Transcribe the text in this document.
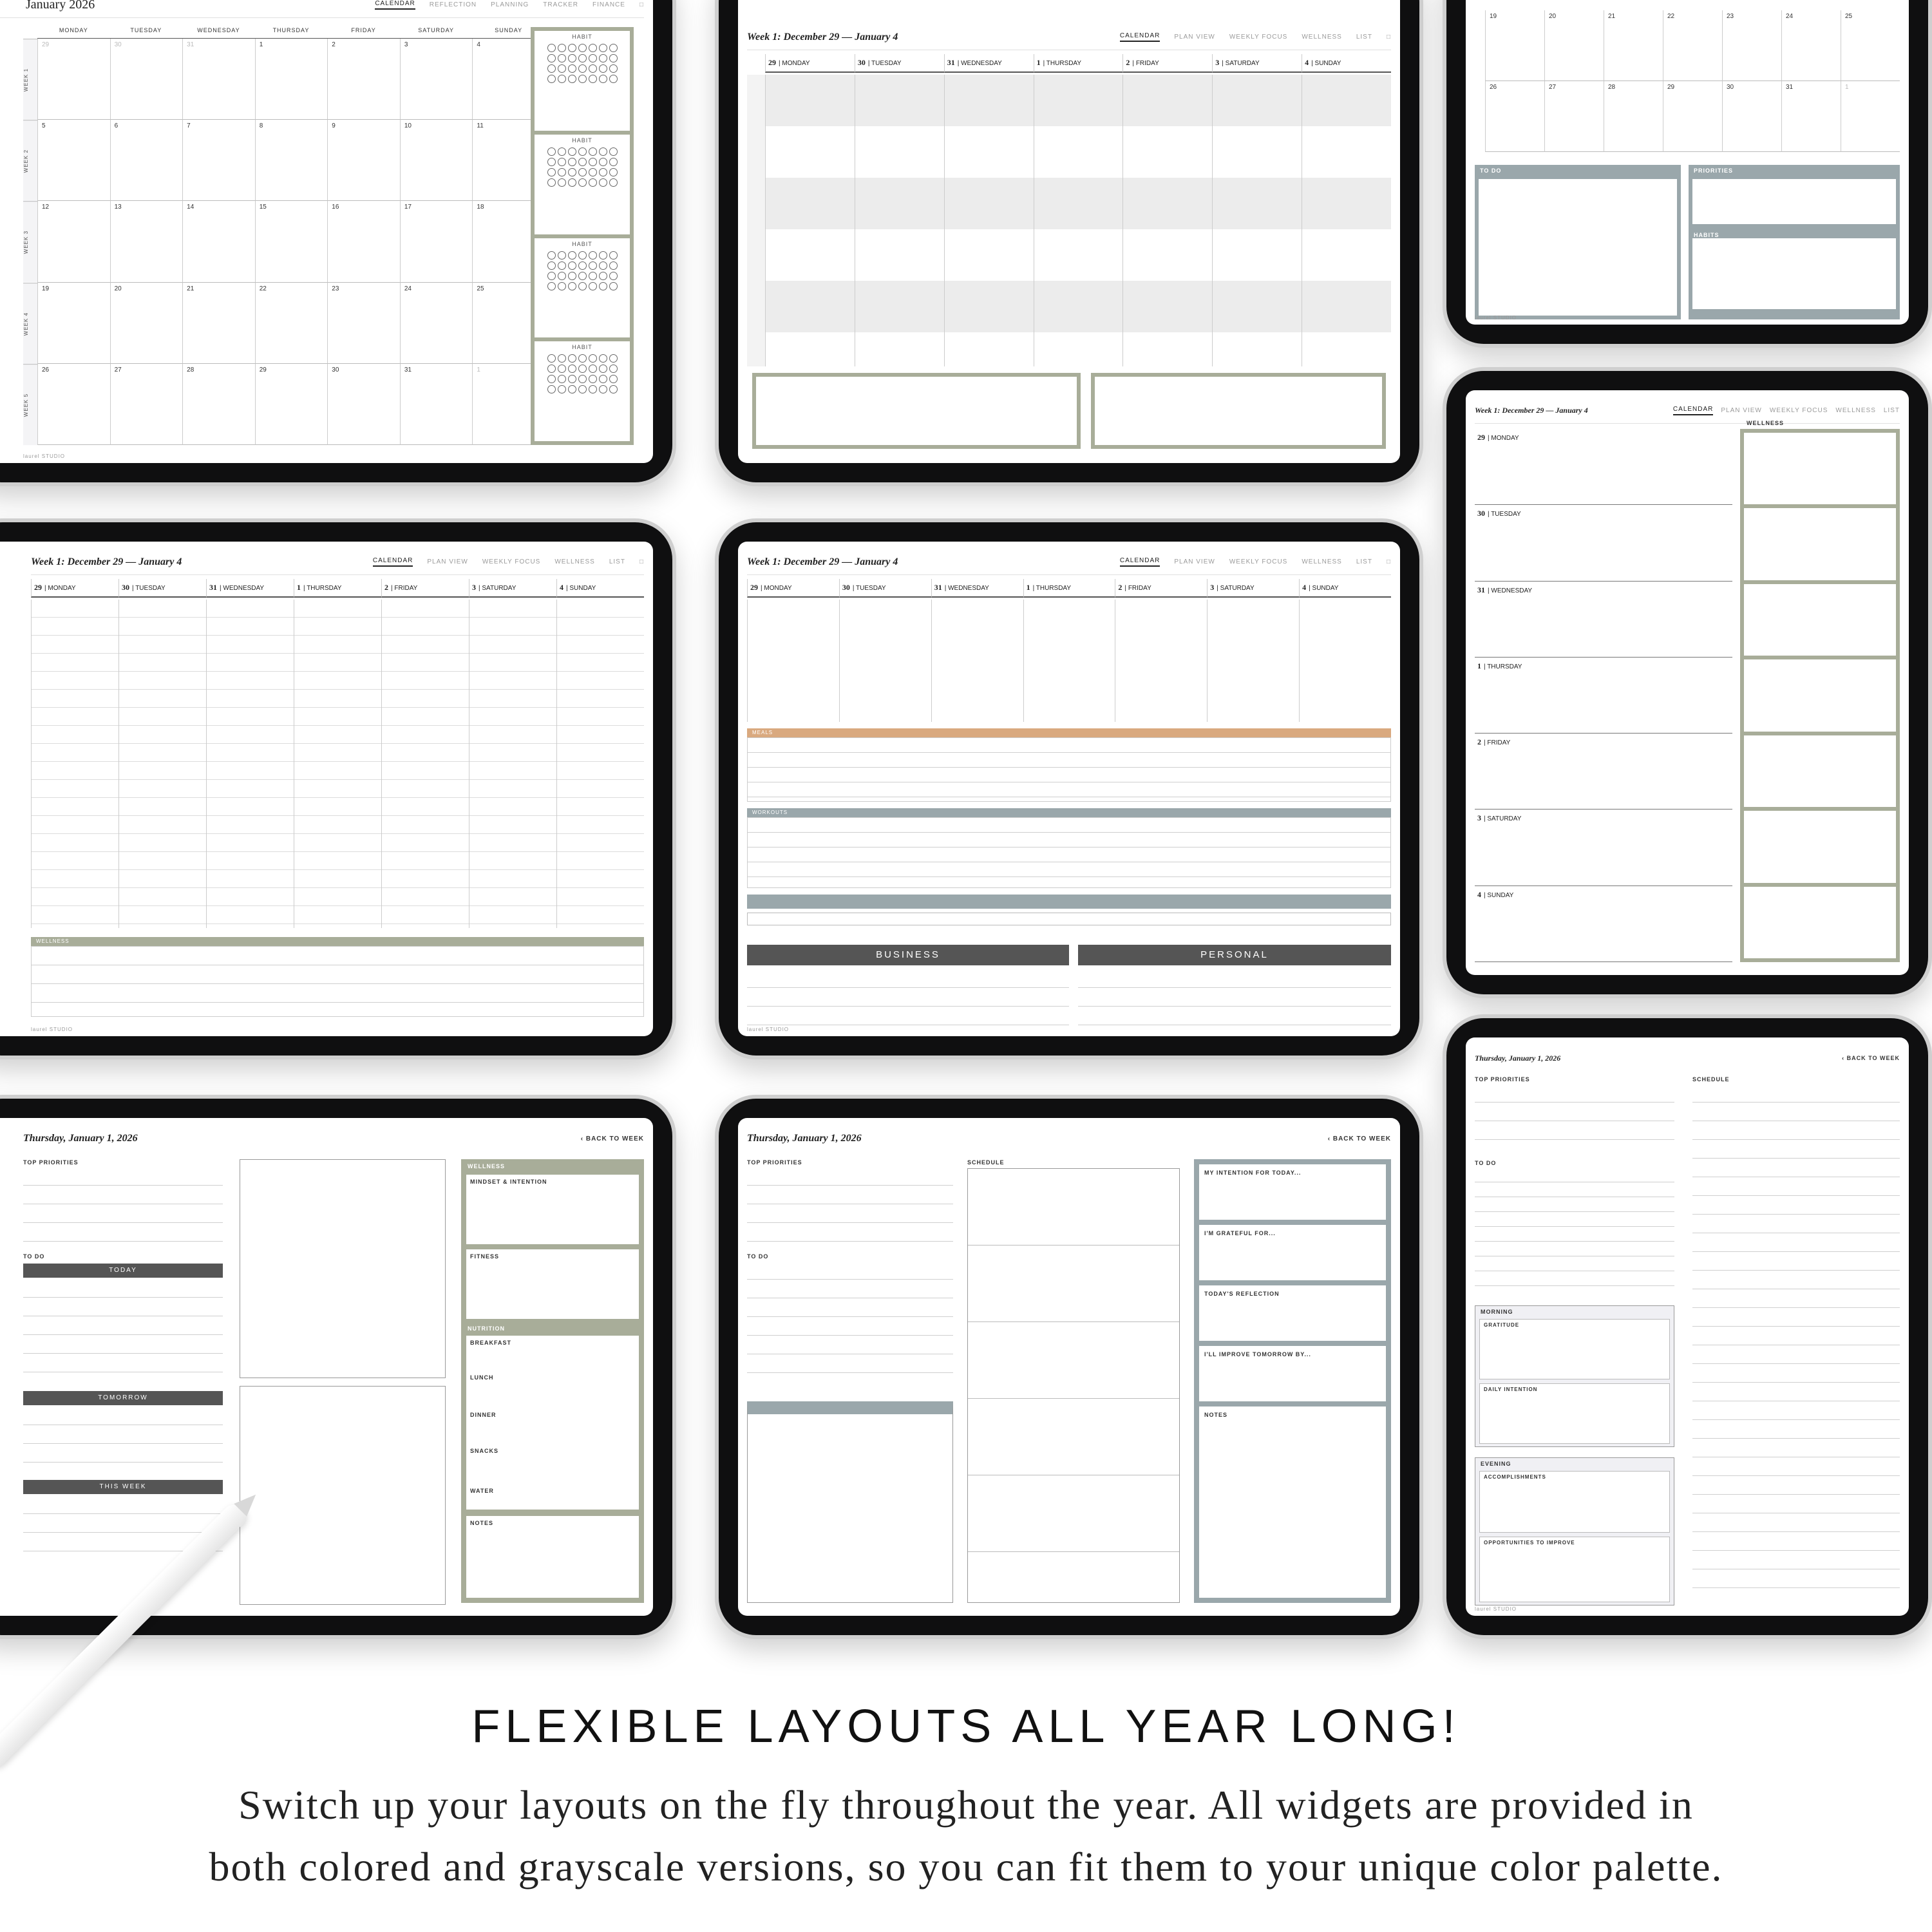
January 2026	CALENDAR REFLECTION PLANNING TRACKER FINANCE □
MONDAY	TUESDAY	WEDNESDAY	THURSDAY	FRIDAY	SATURDAY	SUNDAY
WEEK 1
29	30	31	1	2	3	4
WEEK 2
5	6	7	8	9	10	11
WEEK 3
12	13	14	15	16	17	18
WEEK 4
19	20	21	22	23	24	25
WEEK 5
26	27	28	29	30	31	1
HABIT
HABIT
HABIT
HABIT
laurel STUDIO
Week 1: December 29 — January 4	CALENDAR PLAN VIEW WEEKLY FOCUS WELLNESS LIST □
29 | MONDAY	30 | TUESDAY	31 | WEDNESDAY	1 | THURSDAY	2 | FRIDAY	3 | SATURDAY	4 | SUNDAY
19	20	21	22	23	24	25
26	27	28	29	30	31	1
TO DO	PRIORITIES
HABITS
laurel STUDIO
Week 1: December 29 — January 4	CALENDAR PLAN VIEW WEEKLY FOCUS WELLNESS LIST
29 | MONDAY
30 | TUESDAY
31 | WEDNESDAY
1 | THURSDAY
2 | FRIDAY
3 | SATURDAY
4 | SUNDAY
WELLNESS
Week 1: December 29 — January 4	CALENDAR PLAN VIEW WEEKLY FOCUS WELLNESS LIST □
29 | MONDAY	30 | TUESDAY	31 | WEDNESDAY	1 | THURSDAY	2 | FRIDAY	3 | SATURDAY	4 | SUNDAY
WELLNESS
laurel STUDIO
Week 1: December 29 — January 4	CALENDAR PLAN VIEW WEEKLY FOCUS WELLNESS LIST □
29 | MONDAY	30 | TUESDAY	31 | WEDNESDAY	1 | THURSDAY	2 | FRIDAY	3 | SATURDAY	4 | SUNDAY
MEALS
WORKOUTS
BUSINESS	PERSONAL
laurel STUDIO
Thursday, January 1, 2026	‹ BACK TO WEEK
TOP PRIORITIES
TO DO
TODAY
TOMORROW
THIS WEEK
WELLNESS
MINDSET & INTENTION
FITNESS
NUTRITION
BREAKFAST
LUNCH
DINNER
SNACKS
WATER
NOTES
Thursday, January 1, 2026	‹ BACK TO WEEK
TOP PRIORITIES
TO DO
SCHEDULE
MY INTENTION FOR TODAY...
I'M GRATEFUL FOR...
TODAY'S REFLECTION
I'LL IMPROVE TOMORROW BY...
NOTES
Thursday, January 1, 2026	‹ BACK TO WEEK
TOP PRIORITIES
TO DO
MORNING
GRATITUDE
DAILY INTENTION
EVENING
ACCOMPLISHMENTS
OPPORTUNITIES TO IMPROVE
SCHEDULE
laurel STUDIO
FLEXIBLE LAYOUTS ALL YEAR LONG!
Switch up your layouts on the fly throughout the year. All widgets are provided in
both colored and grayscale versions, so you can fit them to your unique color palette.
